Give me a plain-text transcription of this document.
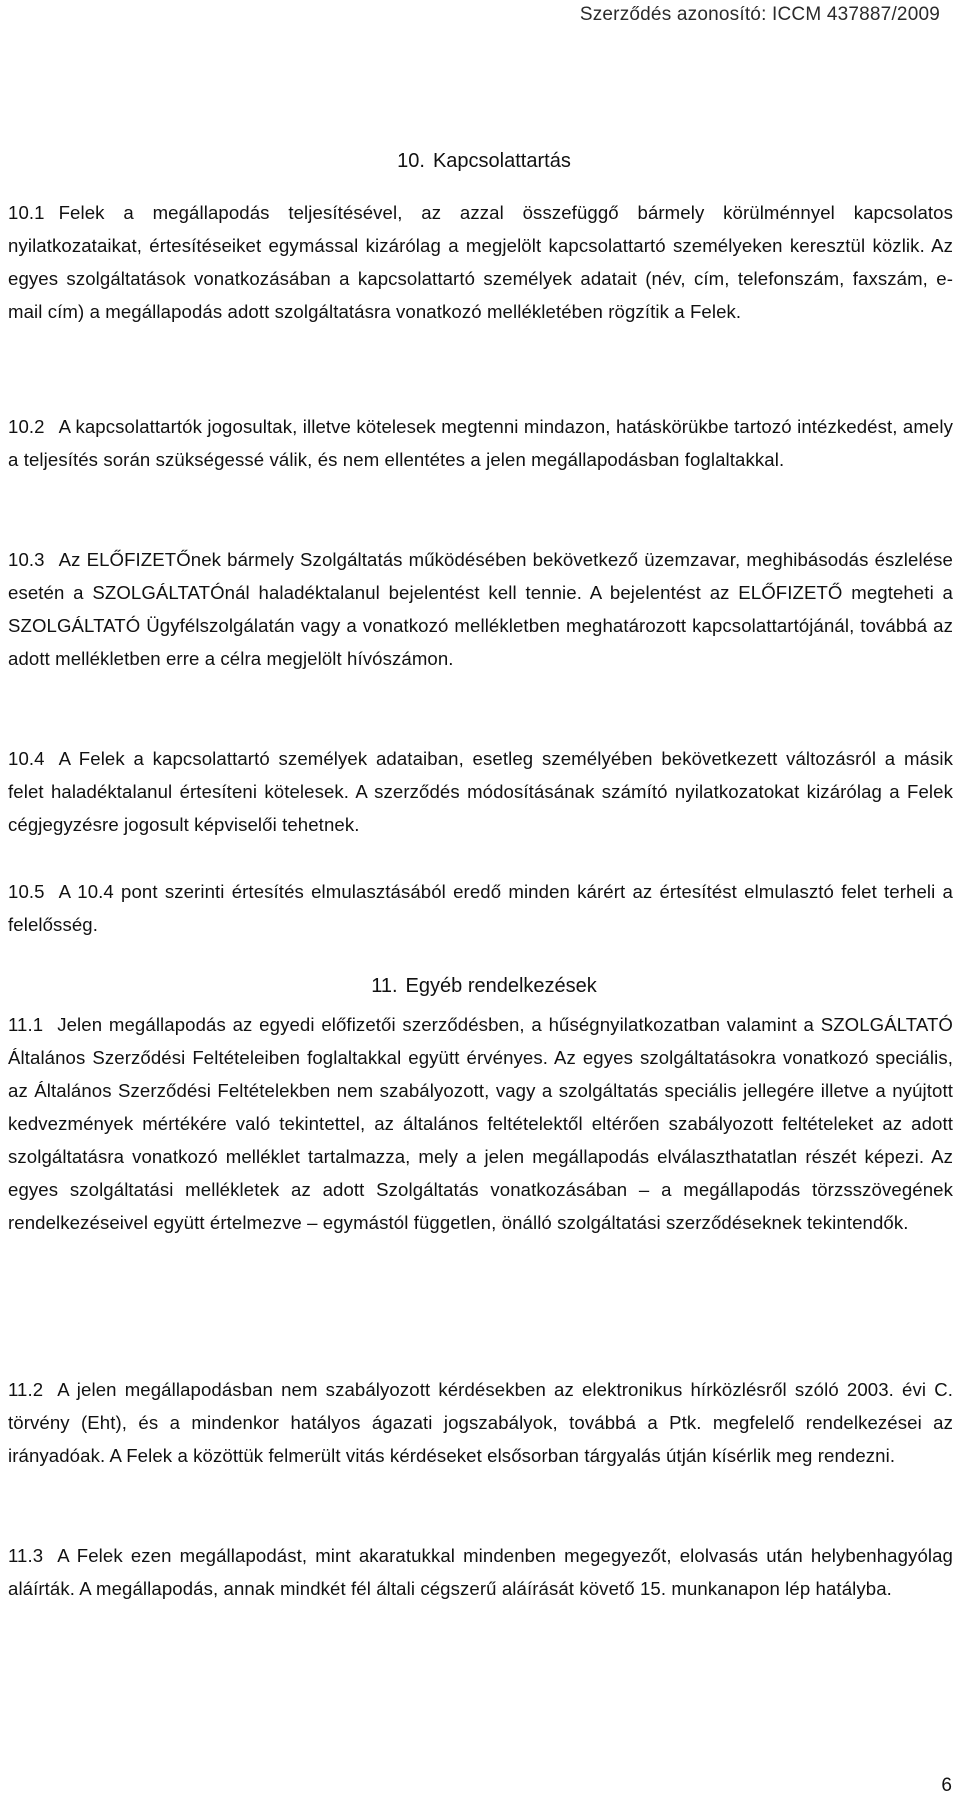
Szerződés azonosító: ICCM 437887/2009
10. Kapcsolattartás

10.1 Felek a megállapodás teljesítésével, az azzal összefüggő bármely körülménnyel kapcsolatos nyilatkozataikat, értesítéseiket egymással kizárólag a megjelölt kapcsolattartó személyeken keresztül közlik. Az egyes szolgáltatások vonatkozásában a kapcsolattartó személyek adatait (név, cím, telefonszám, faxszám, e-mail cím) a megállapodás adott szolgáltatásra vonatkozó mellékletében rögzítik a Felek.

10.2 A kapcsolattartók jogosultak, illetve kötelesek megtenni mindazon, hatáskörükbe tartozó intézkedést, amely a teljesítés során szükségessé válik, és nem ellentétes a jelen megállapodásban foglaltakkal.

10.3 Az ELŐFIZETŐnek bármely Szolgáltatás működésében bekövetkező üzemzavar, meghibásodás észlelése esetén a SZOLGÁLTATÓnál haladéktalanul bejelentést kell tennie. A bejelentést az ELŐFIZETŐ megteheti a SZOLGÁLTATÓ Ügyfélszolgálatán vagy a vonatkozó mellékletben meghatározott kapcsolattartójánál, továbbá az adott mellékletben erre a célra megjelölt hívószámon.

10.4 A Felek a kapcsolattartó személyek adataiban, esetleg személyében bekövetkezett változásról a másik felet haladéktalanul értesíteni kötelesek. A szerződés módosításának számító nyilatkozatokat kizárólag a Felek cégjegyzésre jogosult képviselői tehetnek.

10.5 A 10.4 pont szerinti értesítés elmulasztásából eredő minden kárért az értesítést elmulasztó felet terheli a felelősség.

11. Egyéb rendelkezések

11.1 Jelen megállapodás az egyedi előfizetői szerződésben, a hűségnyilatkozatban valamint a SZOLGÁLTATÓ Általános Szerződési Feltételeiben foglaltakkal együtt érvényes. Az egyes szolgáltatásokra vonatkozó speciális, az Általános Szerződési Feltételekben nem szabályozott, vagy a szolgáltatás speciális jellegére illetve a nyújtott kedvezmények mértékére való tekintettel, az általános feltételektől eltérően szabályozott feltételeket az adott szolgáltatásra vonatkozó melléklet tartalmazza, mely a jelen megállapodás elválaszthatatlan részét képezi. Az egyes szolgáltatási mellékletek az adott Szolgáltatás vonatkozásában – a megállapodás törzsszövegének rendelkezéseivel együtt értelmezve – egymástól független, önálló szolgáltatási szerződéseknek tekintendők.

11.2 A jelen megállapodásban nem szabályozott kérdésekben az elektronikus hírközlésről szóló 2003. évi C. törvény (Eht), és a mindenkor hatályos ágazati jogszabályok, továbbá a Ptk. megfelelő rendelkezései az irányadóak. A Felek a közöttük felmerült vitás kérdéseket elsősorban tárgyalás útján kísérlik meg rendezni.

11.3 A Felek ezen megállapodást, mint akaratukkal mindenben megegyezőt, elolvasás után helybenhagyólag aláírták. A megállapodás, annak mindkét fél általi cégszerű aláírását követő 15. munkanapon lép hatályba.

6
